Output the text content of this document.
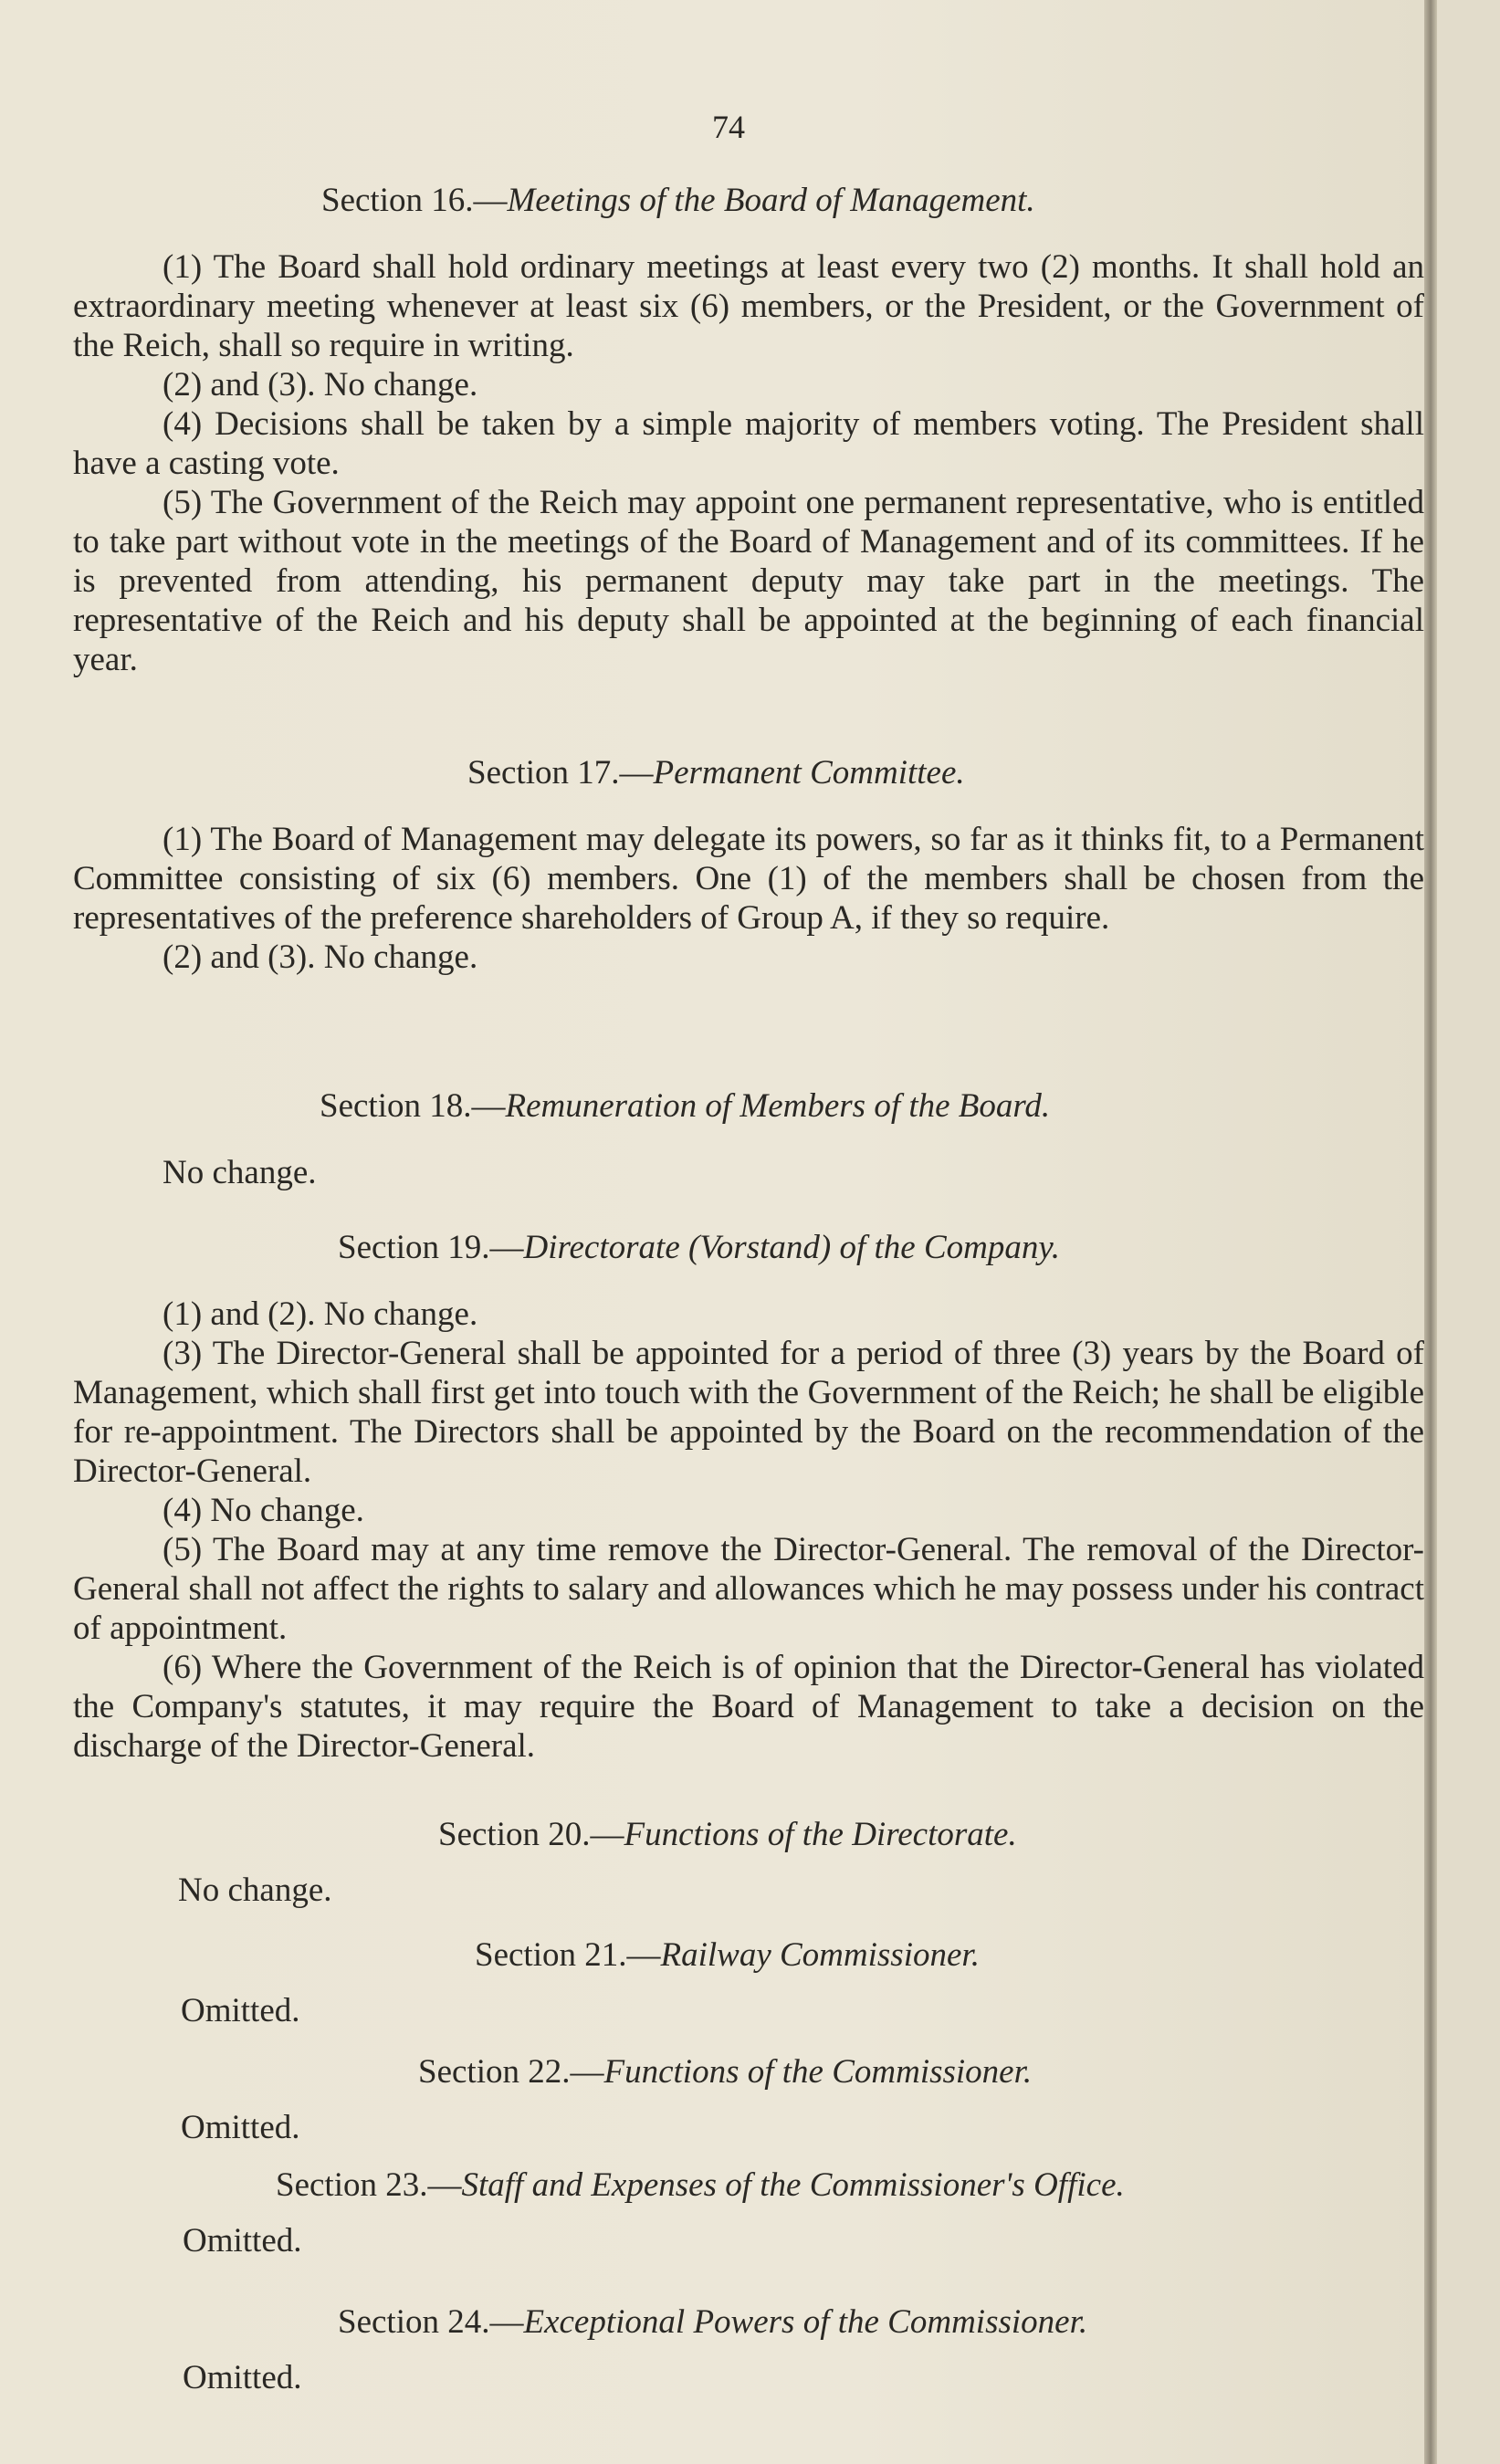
74

Section 16.—Meetings of the Board of Management.

(1) The Board shall hold ordinary meetings at least every two (2) months. It shall hold an extraordinary meeting whenever at least six (6) members, or the President, or the Government of the Reich, shall so require in writing.

(2) and (3). No change.

(4) Decisions shall be taken by a simple majority of members voting. The President shall have a casting vote.

(5) The Government of the Reich may appoint one permanent representative, who is entitled to take part without vote in the meetings of the Board of Management and of its committees. If he is prevented from attending, his permanent deputy may take part in the meetings. The representative of the Reich and his deputy shall be appointed at the beginning of each financial year.

Section 17.—Permanent Committee.

(1) The Board of Management may delegate its powers, so far as it thinks fit, to a Permanent Committee consisting of six (6) members. One (1) of the members shall be chosen from the representatives of the preference shareholders of Group A, if they so require.

(2) and (3). No change.

Section 18.—Remuneration of Members of the Board.

No change.

Section 19.—Directorate (Vorstand) of the Company.

(1) and (2). No change.

(3) The Director-General shall be appointed for a period of three (3) years by the Board of Management, which shall first get into touch with the Government of the Reich; he shall be eligible for re-appointment. The Directors shall be appointed by the Board on the recommendation of the Director-General.

(4) No change.

(5) The Board may at any time remove the Director-General. The removal of the Director-General shall not affect the rights to salary and allowances which he may possess under his contract of appointment.

(6) Where the Government of the Reich is of opinion that the Director-General has violated the Company's statutes, it may require the Board of Management to take a decision on the discharge of the Director-General.

Section 20.—Functions of the Directorate.

No change.

Section 21.—Railway Commissioner.

Omitted.

Section 22.—Functions of the Commissioner.

Omitted.

Section 23.—Staff and Expenses of the Commissioner's Office.

Omitted.

Section 24.—Exceptional Powers of the Commissioner.

Omitted.
